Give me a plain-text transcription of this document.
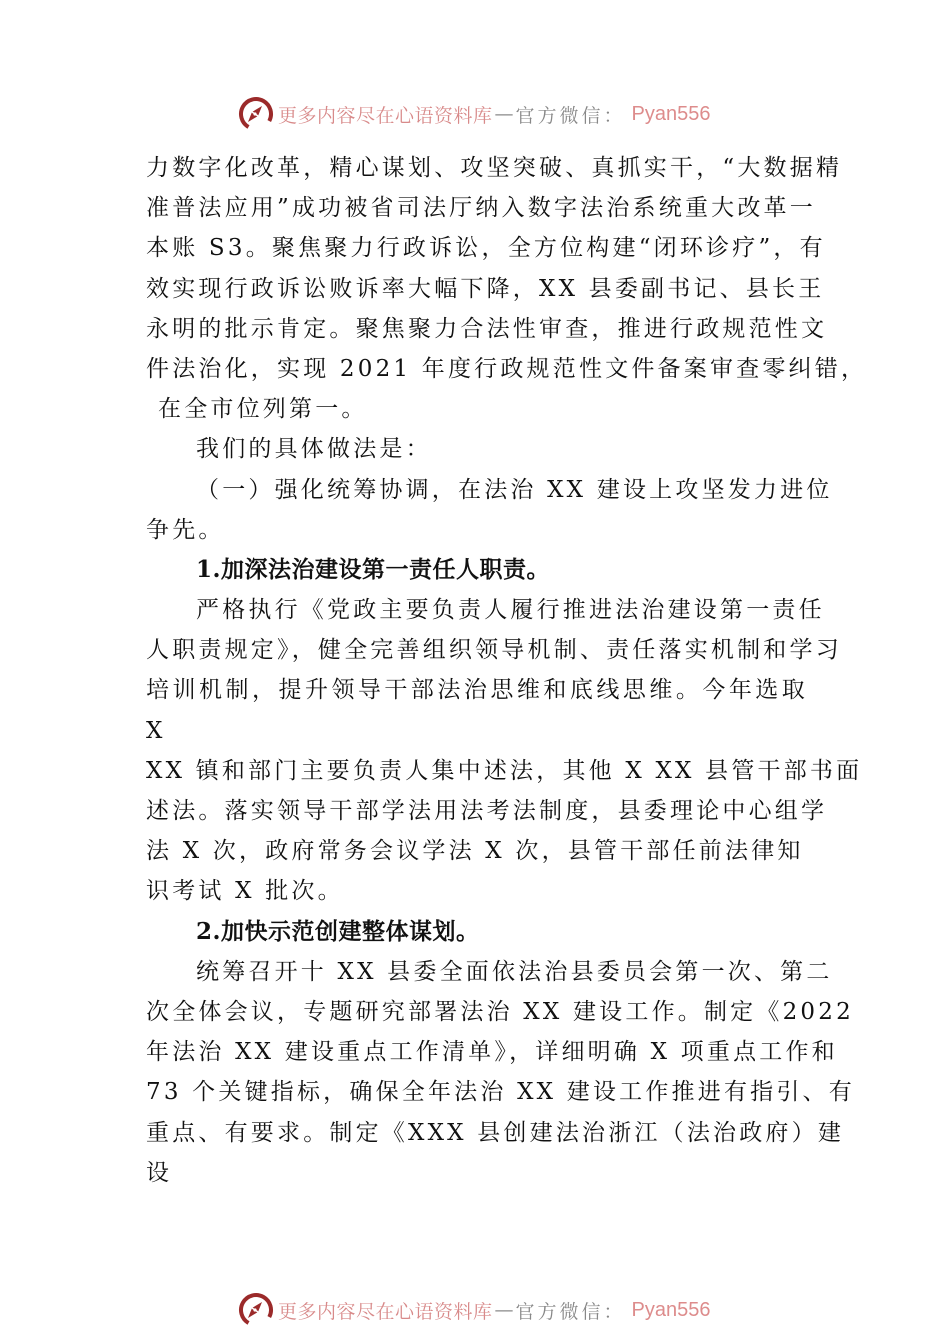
更多内容尽在心语资料库 — 官方微信： Pyan556
力数字化改革，精心谋划、攻坚突破、真抓实干，“大数据精
准普法应用”成功被省司法厅纳入数字法治系统重大改革一
本账 S3。聚焦聚力行政诉讼，全方位构建“闭环诊疗”，有
效实现行政诉讼败诉率大幅下降，XX 县委副书记、县长王
永明的批示肯定。聚焦聚力合法性审查，推进行政规范性文
件法治化，实现 2021 年度行政规范性文件备案审查零纠错，
在全市位列第一。
我们的具体做法是：
（一）强化统筹协调，在法治 XX 建设上攻坚发力进位
争先。
1.加深法治建设第一责任人职责。
严格执行《党政主要负责人履行推进法治建设第一责任
人职责规定》，健全完善组织领导机制、责任落实机制和学习
培训机制，提升领导干部法治思维和底线思维。今年选取
X
XX 镇和部门主要负责人集中述法，其他 X XX 县管干部书面
述法。落实领导干部学法用法考法制度，县委理论中心组学
法 X 次，政府常务会议学法 X 次，县管干部任前法律知
识考试 X 批次。
2.加快示范创建整体谋划。
统筹召开十 XX 县委全面依法治县委员会第一次、第二
次全体会议，专题研究部署法治 XX 建设工作。制定《2022
年法治 XX 建设重点工作清单》，详细明确 X 项重点工作和
73 个关键指标，确保全年法治 XX 建设工作推进有指引、有
重点、有要求。制定《XXX 县创建法治浙江（法治政府）建
设
更多内容尽在心语资料库 — 官方微信： Pyan556
